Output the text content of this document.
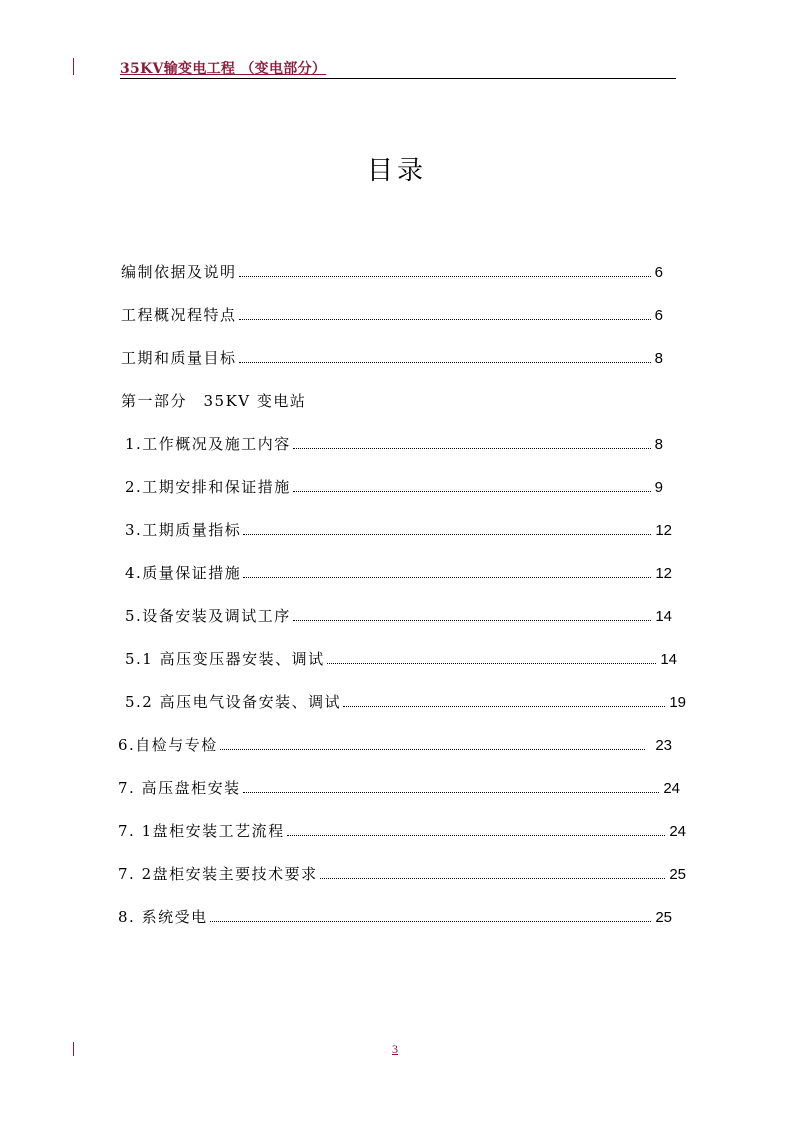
35KV输变电工程 （变电部分）
目录
编制依据及说明	6
工程概况程特点	6
工期和质量目标	8
第一部分　35KV 变电站
1.工作概况及施工内容	8
2.工期安排和保证措施	9
3.工期质量指标	12
4.质量保证措施	12
5.设备安装及调试工序	14
5.1 高压变压器安装、调试	14
5.2 高压电气设备安装、调试	19
6.自检与专检	23
7. 高压盘柜安装	24
7. 1盘柜安装工艺流程	24
7. 2盘柜安装主要技术要求	25
8. 系统受电	25
3
